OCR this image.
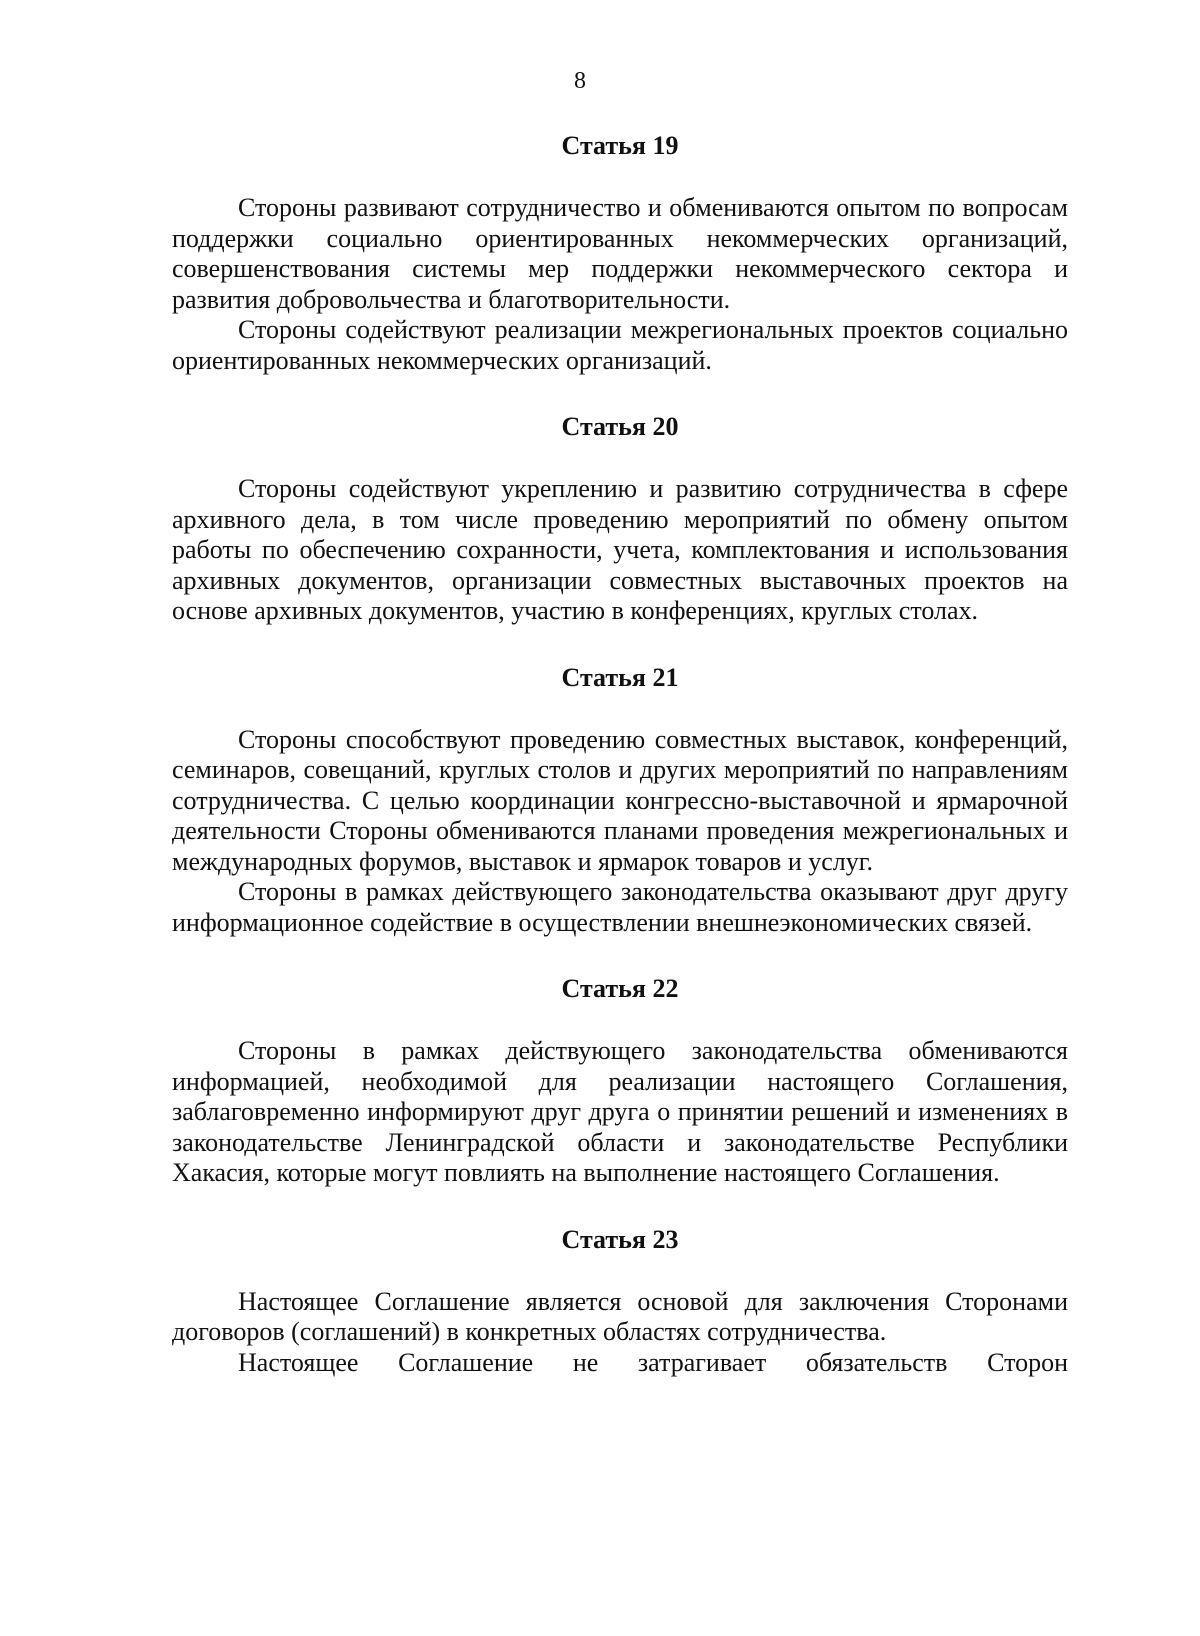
8
Статья 19

Стороны развивают сотрудничество и обмениваются опытом по вопросам поддержки социально ориентированных некоммерческих организаций, совершенствования системы мер поддержки некоммерческого сектора и развития добровольчества и благотворительности.

Стороны содействуют реализации межрегиональных проектов социально ориентированных некоммерческих организаций.

Статья 20

Стороны содействуют укреплению и развитию сотрудничества в сфере архивного дела, в том числе проведению мероприятий по обмену опытом работы по обеспечению сохранности, учета, комплектования и использования архивных документов, организации совместных выставочных проектов на основе архивных документов, участию в конференциях, круглых столах.

Статья 21

Стороны способствуют проведению совместных выставок, конференций, семинаров, совещаний, круглых столов и других мероприятий по направлениям сотрудничества. С целью координации конгрессно-выставочной и ярмарочной деятельности Стороны обмениваются планами проведения межрегиональных и международных форумов, выставок и ярмарок товаров и услуг.

Стороны в рамках действующего законодательства оказывают друг другу информационное содействие в осуществлении внешнеэкономических связей.

Статья 22

Стороны в рамках действующего законодательства обмениваются информацией, необходимой для реализации настоящего Соглашения, заблаговременно информируют друг друга о принятии решений и изменениях в законодательстве Ленинградской области и законодательстве Республики Хакасия, которые могут повлиять на выполнение настоящего Соглашения.

Статья 23

Настоящее Соглашение является основой для заключения Сторонами договоров (соглашений) в конкретных областях сотрудничества.

Настоящее Соглашение не затрагивает обязательств Сторон
